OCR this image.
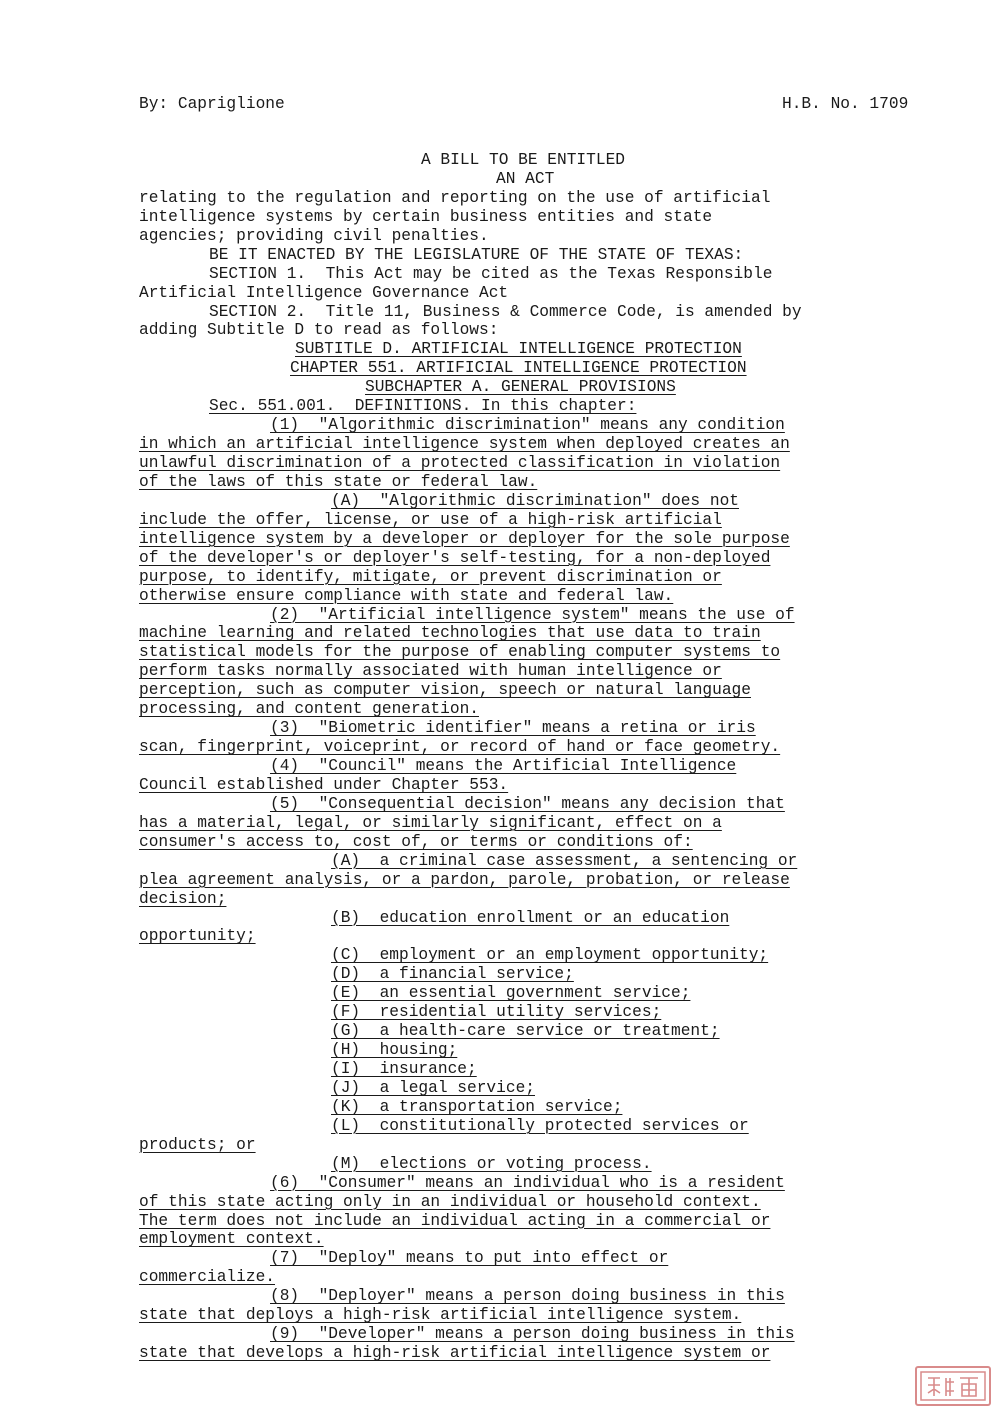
By: Capriglione	H.B. No. 1709
A BILL TO BE ENTITLED
AN ACT
relating to the regulation and reporting on the use of artificial
intelligence systems by certain business entities and state
agencies; providing civil penalties.
BE IT ENACTED BY THE LEGISLATURE OF THE STATE OF TEXAS:
SECTION 1.  This Act may be cited as the Texas Responsible
Artificial Intelligence Governance Act
SECTION 2.  Title 11, Business & Commerce Code, is amended by
adding Subtitle D to read as follows:
SUBTITLE D. ARTIFICIAL INTELLIGENCE PROTECTION
CHAPTER 551. ARTIFICIAL INTELLIGENCE PROTECTION
SUBCHAPTER A. GENERAL PROVISIONS
Sec. 551.001.  DEFINITIONS. In this chapter:
(1)  "Algorithmic discrimination" means any condition
in which an artificial intelligence system when deployed creates an
unlawful discrimination of a protected classification in violation
of the laws of this state or federal law.
(A)  "Algorithmic discrimination" does not
include the offer, license, or use of a high-risk artificial
intelligence system by a developer or deployer for the sole purpose
of the developer's or deployer's self-testing, for a non-deployed
purpose, to identify, mitigate, or prevent discrimination or
otherwise ensure compliance with state and federal law.
(2)  "Artificial intelligence system" means the use of
machine learning and related technologies that use data to train
statistical models for the purpose of enabling computer systems to
perform tasks normally associated with human intelligence or
perception, such as computer vision, speech or natural language
processing, and content generation.
(3)  "Biometric identifier" means a retina or iris
scan, fingerprint, voiceprint, or record of hand or face geometry.
(4)  "Council" means the Artificial Intelligence
Council established under Chapter 553.
(5)  "Consequential decision" means any decision that
has a material, legal, or similarly significant, effect on a
consumer's access to, cost of, or terms or conditions of:
(A)  a criminal case assessment, a sentencing or
plea agreement analysis, or a pardon, parole, probation, or release
decision;
(B)  education enrollment or an education
opportunity;
(C)  employment or an employment opportunity;
(D)  a financial service;
(E)  an essential government service;
(F)  residential utility services;
(G)  a health-care service or treatment;
(H)  housing;
(I)  insurance;
(J)  a legal service;
(K)  a transportation service;
(L)  constitutionally protected services or
products; or
(M)  elections or voting process.
(6)  "Consumer" means an individual who is a resident
of this state acting only in an individual or household context.
The term does not include an individual acting in a commercial or
employment context.
(7)  "Deploy" means to put into effect or
commercialize.
(8)  "Deployer" means a person doing business in this
state that deploys a high-risk artificial intelligence system.
(9)  "Developer" means a person doing business in this
state that develops a high-risk artificial intelligence system or
